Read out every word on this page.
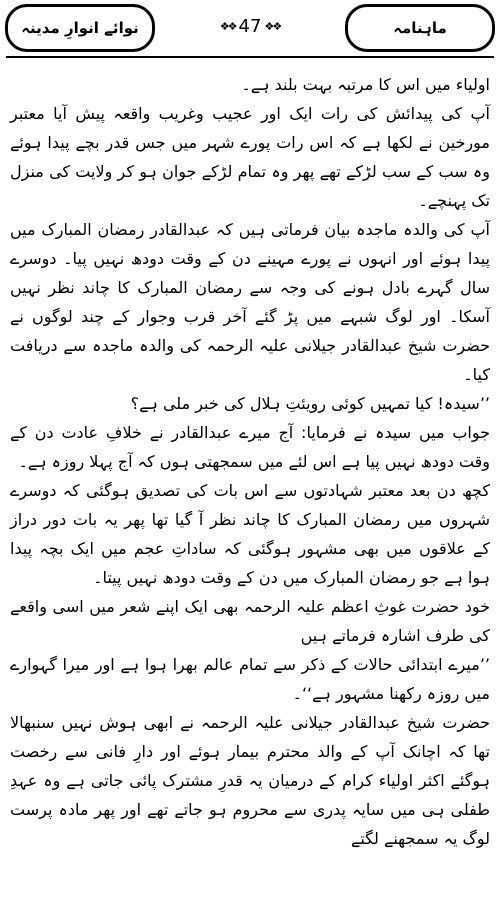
ماہنامہ
❖❖ 47 ❖❖
نوائے انوارِ مدینہ

اولیاء میں اس کا مرتبہ بہت بلند ہے۔

آپ کی پیدائش کی رات ایک اور عجیب وغریب واقعہ پیش آیا معتبر مورخین نے لکھا ہے کہ اس رات پورے شہر میں جس قدر بچے پیدا ہوئے وہ سب کے سب لڑکے تھے پھر وہ تمام لڑکے جوان ہو کر ولایت کی منزل تک پہنچے۔

آپ کی والدہ ماجدہ بیان فرماتی ہیں کہ عبدالقادر رمضان المبارک میں پیدا ہوئے اور انہوں نے پورے مہینے دن کے وقت دودھ نہیں پیا۔ دوسرے سال گہرے بادل ہونے کی وجہ سے رمضان المبارک کا چاند نظر نہیں آسکا۔ اور لوگ شبہے میں پڑ گئے آخر قرب وجوار کے چند لوگوں نے حضرت شیخ عبدالقادر جیلانی علیہ الرحمہ کی والدہ ماجدہ سے دریافت کیا۔

’’سیدہ! کیا تمہیں کوئی رویئتِ ہلال کی خبر ملی ہے؟

جواب میں سیدہ نے فرمایا: آج میرے عبدالقادر نے خلافِ عادت دن کے وقت دودھ نہیں پیا ہے اس لئے میں سمجھتی ہوں کہ آج پہلا روزہ ہے۔

کچھ دن بعد معتبر شہادتوں سے اس بات کی تصدیق ہوگئی کہ دوسرے شہروں میں رمضان المبارک کا چاند نظر آ گیا تھا پھر یہ بات دور دراز کے علاقوں میں بھی مشہور ہوگئی کہ ساداتِ عجم میں ایک بچہ پیدا ہوا ہے جو رمضان المبارک میں دن کے وقت دودھ نہیں پیتا۔

خود حضرت غوثِ اعظم علیہ الرحمہ بھی ایک اپنے شعر میں اسی واقعے کی طرف اشارہ فرماتے ہیں

’’میرے ابتدائی حالات کے ذکر سے تمام عالم بھرا ہوا ہے اور میرا گہوارے میں روزہ رکھنا مشہور ہے‘‘۔

حضرت شیخ عبدالقادر جیلانی علیہ الرحمہ نے ابھی ہوش نہیں سنبھالا تھا کہ اچانک آپ کے والد محترم بیمار ہوئے اور دارِ فانی سے رخصت ہوگئے اکثر اولیاء کرام کے درمیان یہ قدرِ مشترک پائی جاتی ہے وہ عہدِ طفلی ہی میں سایہ پدری سے محروم ہو جاتے تھے اور پھر مادہ پرست لوگ یہ سمجھنے لگتے
